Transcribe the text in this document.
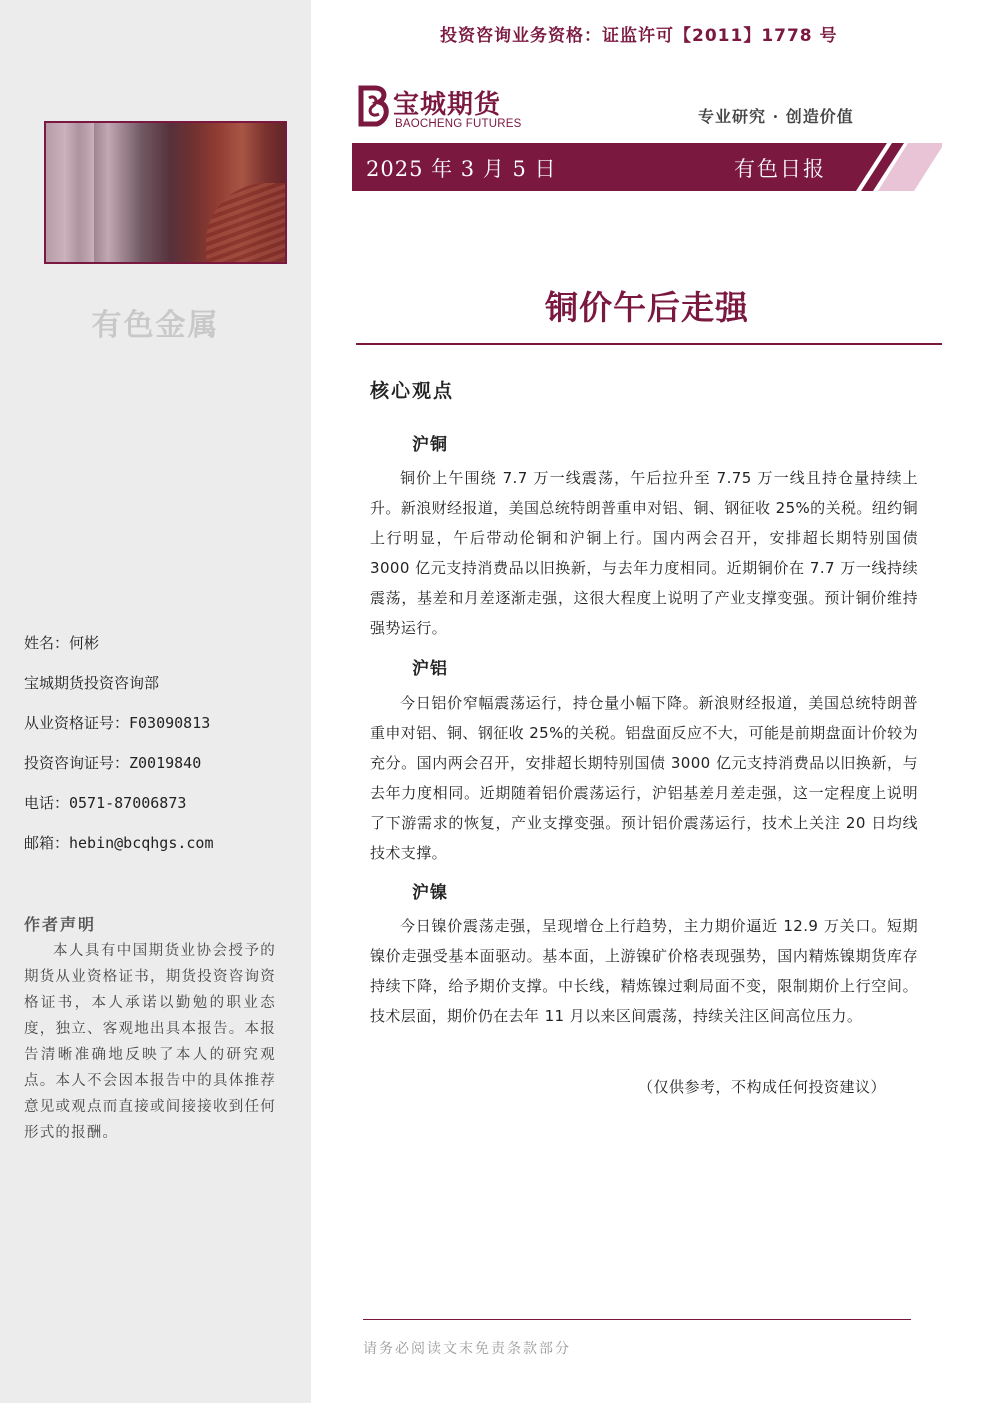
有色金属
姓名：何彬
宝城期货投资咨询部
从业资格证号：F03090813
投资咨询证号：Z0019840
电话：0571-87006873
邮箱：hebin@bcqhgs.com
作者声明
本人具有中国期货业协会授予的期货从业资格证书，期货投资咨询资格证书，本人承诺以勤勉的职业态度，独立、客观地出具本报告。本报告清晰准确地反映了本人的研究观点。本人不会因本报告中的具体推荐意见或观点而直接或间接接收到任何形式的报酬。
投资咨询业务资格：证监许可【2011】1778 号
宝城期货
BAOCHENG FUTURES	专业研究 · 创造价值
2025 年 3 月 5 日	有色日报
铜价午后走强
核心观点
沪铜
铜价上午围绕 7.7 万一线震荡，午后拉升至 7.75 万一线且持仓量持续上升。新浪财经报道，美国总统特朗普重申对铝、铜、钢征收 25%的关税。纽约铜上行明显，午后带动伦铜和沪铜上行。国内两会召开，安排超长期特别国债 3000 亿元支持消费品以旧换新，与去年力度相同。近期铜价在 7.7 万一线持续震荡，基差和月差逐渐走强，这很大程度上说明了产业支撑变强。预计铜价维持强势运行。
沪铝
今日铝价窄幅震荡运行，持仓量小幅下降。新浪财经报道，美国总统特朗普重申对铝、铜、钢征收 25%的关税。铝盘面反应不大，可能是前期盘面计价较为充分。国内两会召开，安排超长期特别国债 3000 亿元支持消费品以旧换新，与去年力度相同。近期随着铝价震荡运行，沪铝基差月差走强，这一定程度上说明了下游需求的恢复，产业支撑变强。预计铝价震荡运行，技术上关注 20 日均线技术支撑。
沪镍
今日镍价震荡走强，呈现增仓上行趋势，主力期价逼近 12.9 万关口。短期镍价走强受基本面驱动。基本面，上游镍矿价格表现强势，国内精炼镍期货库存持续下降，给予期价支撑。中长线，精炼镍过剩局面不变，限制期价上行空间。技术层面，期价仍在去年 11 月以来区间震荡，持续关注区间高位压力。
（仅供参考，不构成任何投资建议）
请务必阅读文末免责条款部分
